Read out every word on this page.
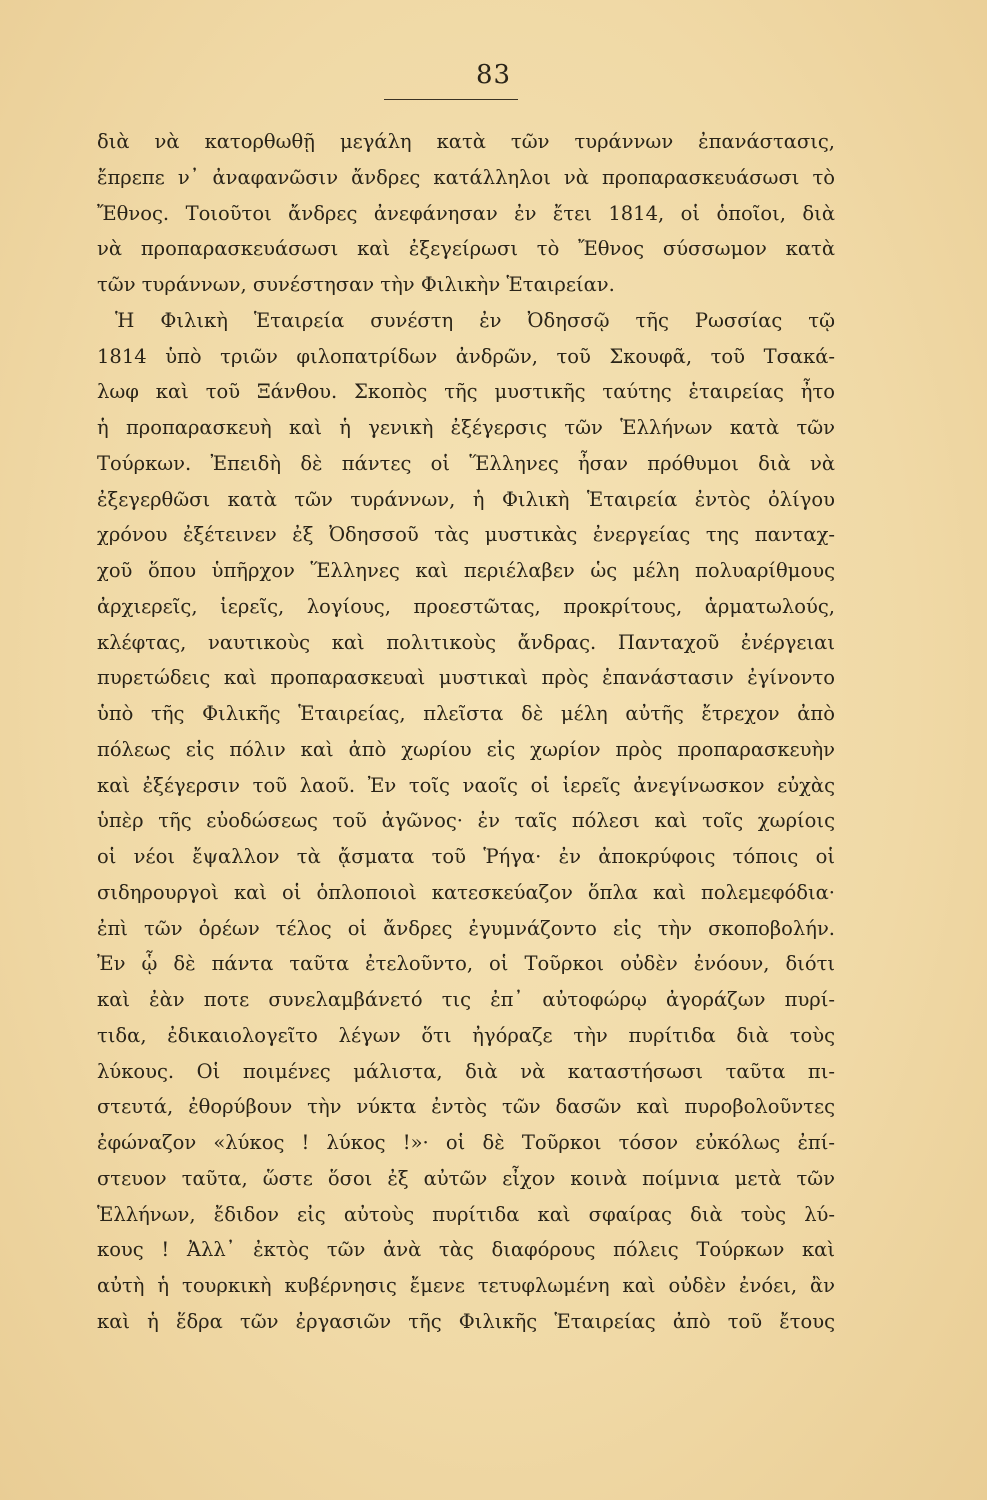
83
διὰ νὰ κατορθωθῇ μεγάλη κατὰ τῶν τυράννων ἐπανάστασις,
ἔπρεπε ν᾿ ἀναφανῶσιν ἄνδρες κατάλληλοι νὰ προπαρασκευάσωσι τὸ
Ἔθνος. Τοιοῦτοι ἄνδρες ἀνεφάνησαν ἐν ἔτει 1814, οἱ ὁποῖοι, διὰ
νὰ προπαρασκευάσωσι καὶ ἐξεγείρωσι τὸ Ἔθνος σύσσωμον κατὰ
τῶν τυράννων, συνέστησαν τὴν Φιλικὴν Ἑταιρείαν.
Ἡ Φιλικὴ Ἑταιρεία συνέστη ἐν Ὀδησσῷ τῆς Ρωσσίας τῷ
1814 ὑπὸ τριῶν φιλοπατρίδων ἀνδρῶν, τοῦ Σκουφᾶ, τοῦ Τσακά-
λωφ καὶ τοῦ Ξάνθου. Σκοπὸς τῆς μυστικῆς ταύτης ἑταιρείας ἦτο
ἡ προπαρασκευὴ καὶ ἡ γενικὴ ἐξέγερσις τῶν Ἑλλήνων κατὰ τῶν
Τούρκων. Ἐπειδὴ δὲ πάντες οἱ Ἕλληνες ἦσαν πρόθυμοι διὰ νὰ
ἐξεγερθῶσι κατὰ τῶν τυράννων, ἡ Φιλικὴ Ἑταιρεία ἐντὸς ὀλίγου
χρόνου ἐξέτεινεν ἐξ Ὀδησσοῦ τὰς μυστικὰς ἐνεργείας της πανταχ-
χοῦ ὅπου ὑπῆρχον Ἕλληνες καὶ περιέλαβεν ὡς μέλη πολυαρίθμους
ἀρχιερεῖς, ἱερεῖς, λογίους, προεστῶτας, προκρίτους, ἁρματωλούς,
κλέφτας, ναυτικοὺς καὶ πολιτικοὺς ἄνδρας. Πανταχοῦ ἐνέργειαι
πυρετώδεις καὶ προπαρασκευαὶ μυστικαὶ πρὸς ἐπανάστασιν ἐγίνοντο
ὑπὸ τῆς Φιλικῆς Ἑταιρείας, πλεῖστα δὲ μέλη αὐτῆς ἔτρεχον ἀπὸ
πόλεως εἰς πόλιν καὶ ἀπὸ χωρίου εἰς χωρίον πρὸς προπαρασκευὴν
καὶ ἐξέγερσιν τοῦ λαοῦ. Ἐν τοῖς ναοῖς οἱ ἱερεῖς ἀνεγίνωσκον εὐχὰς
ὑπὲρ τῆς εὐοδώσεως τοῦ ἀγῶνος· ἐν ταῖς πόλεσι καὶ τοῖς χωρίοις
οἱ νέοι ἔψαλλον τὰ ᾄσματα τοῦ Ῥήγα· ἐν ἀποκρύφοις τόποις οἱ
σιδηρουργοὶ καὶ οἱ ὁπλοποιοὶ κατεσκεύαζον ὅπλα καὶ πολεμεφόδια·
ἐπὶ τῶν ὀρέων τέλος οἱ ἄνδρες ἐγυμνάζοντο εἰς τὴν σκοποβολήν.
Ἐν ᾧ δὲ πάντα ταῦτα ἐτελοῦντο, οἱ Τοῦρκοι οὐδὲν ἐνόουν, διότι
καὶ ἐὰν ποτε συνελαμβάνετό τις ἐπ᾿ αὐτοφώρῳ ἀγοράζων πυρί-
τιδα, ἐδικαιολογεῖτο λέγων ὅτι ἠγόραζε τὴν πυρίτιδα διὰ τοὺς
λύκους. Οἱ ποιμένες μάλιστα, διὰ νὰ καταστήσωσι ταῦτα πι-
στευτά, ἐθορύβουν τὴν νύκτα ἐντὸς τῶν δασῶν καὶ πυροβολοῦντες
ἐφώναζον «λύκος ! λύκος !»· οἱ δὲ Τοῦρκοι τόσον εὐκόλως ἐπί-
στευον ταῦτα, ὥστε ὅσοι ἐξ αὐτῶν εἶχον κοινὰ ποίμνια μετὰ τῶν
Ἑλλήνων, ἔδιδον εἰς αὐτοὺς πυρίτιδα καὶ σφαίρας διὰ τοὺς λύ-
κους ! Ἀλλ᾿ ἐκτὸς τῶν ἀνὰ τὰς διαφόρους πόλεις Τούρκων καὶ
αὐτὴ ἡ τουρκικὴ κυβέρνησις ἔμενε τετυφλωμένη καὶ οὐδὲν ἐνόει, ἂν
καὶ ἡ ἕδρα τῶν ἐργασιῶν τῆς Φιλικῆς Ἑταιρείας ἀπὸ τοῦ ἔτους
